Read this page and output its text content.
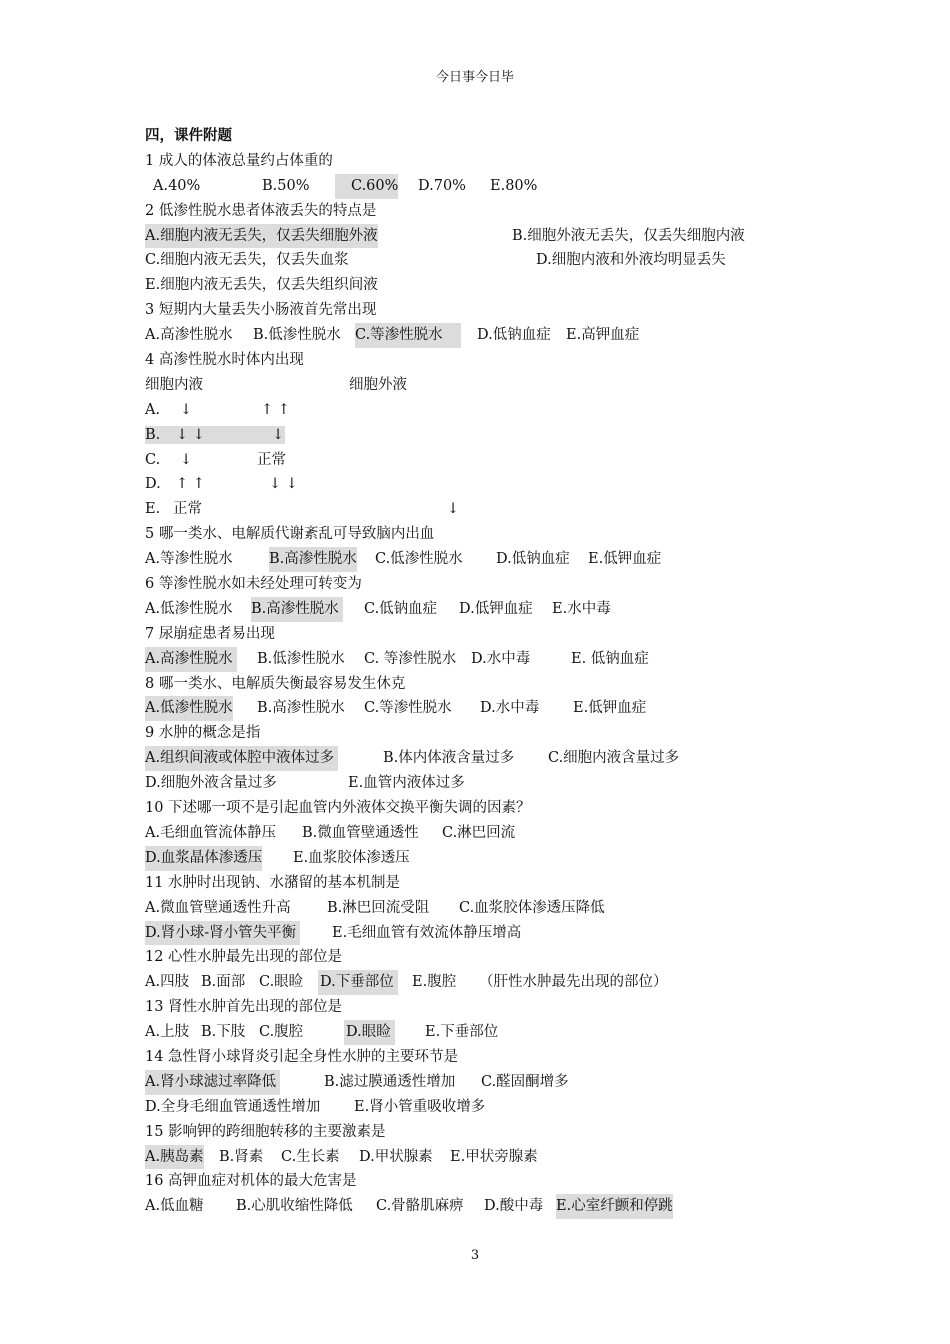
今日事今日毕
四，课件附题
1 成人的体液总量约占体重的
A.40%	B.50%	C.60% D.70% E.80%
2 低渗性脱水患者体液丢失的特点是
A.细胞内液无丢失，仅丢失细胞外液	B.细胞外液无丢失，仅丢失细胞内液
C.细胞内液无丢失，仅丢失血浆	D.细胞内液和外液均明显丢失
E.细胞内液无丢失，仅丢失组织间液
3 短期内大量丢失小肠液首先常出现
A.高渗性脱水 B.低渗性脱水 C.等渗性脱水	D.低钠血症 E.高钾血症
4 高渗性脱水时体内出现
细胞内液	细胞外液
A. ↓	↑ ↑
B. ↓ ↓	↓
C. ↓	正常
D. ↑ ↑	↓ ↓
E. 正常	↓
5 哪一类水、电解质代谢紊乱可导致脑内出血
A.等渗性脱水	B.高渗性脱水 C.低渗性脱水 D.低钠血症 E.低钾血症
6 等渗性脱水如未经处理可转变为
A.低渗性脱水 B.高渗性脱水 C.低钠血症 D.低钾血症 E.水中毒
7 尿崩症患者易出现
A.高渗性脱水 B.低渗性脱水 C. 等渗性脱水 D.水中毒	E. 低钠血症
8 哪一类水、电解质失衡最容易发生休克
A.低渗性脱水 B.高渗性脱水 C.等渗性脱水 D.水中毒 E.低钾血症
9 水肿的概念是指
A.组织间液或体腔中液体过多	B.体内体液含量过多 C.细胞内液含量过多
D.细胞外液含量过多	E.血管内液体过多
10 下述哪一项不是引起血管内外液体交换平衡失调的因素？
A.毛细血管流体静压 B.微血管壁通透性 C.淋巴回流
D.血浆晶体渗透压 E.血浆胶体渗透压
11 水肿时出现钠、水潴留的基本机制是
A.微血管壁通透性升高	B.淋巴回流受阻 C.血浆胶体渗透压降低
D.肾小球-肾小管失平衡 E.毛细血管有效流体静压增高
12 心性水肿最先出现的部位是
A.四肢 B.面部 C.眼睑 D.下垂部位 E.腹腔 （肝性水肿最先出现的部位）
13 肾性水肿首先出现的部位是
A.上肢 B.下肢 C.腹腔	D.眼睑 E.下垂部位
14 急性肾小球肾炎引起全身性水肿的主要环节是
A.肾小球滤过率降低	B.滤过膜通透性增加 C.醛固酮增多
D.全身毛细血管通透性增加 E.肾小管重吸收增多
15 影响钾的跨细胞转移的主要激素是
A.胰岛素 B.肾素 C.生长素 D.甲状腺素 E.甲状旁腺素
16 高钾血症对机体的最大危害是
A.低血糖 B.心肌收缩性降低 C.骨骼肌麻痹 D.酸中毒 E.心室纤颤和停跳
3
